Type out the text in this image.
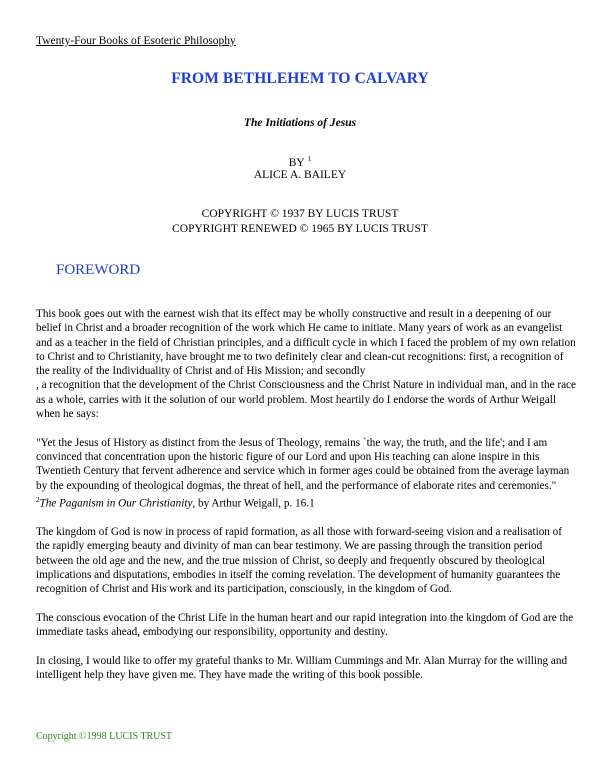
Twenty-Four Books of Esoteric Philosophy
FROM BETHLEHEM TO CALVARY
The Initiations of Jesus
BY $^1$
ALICE A. BAILEY
COPYRIGHT © 1937 BY LUCIS TRUST
COPYRIGHT RENEWED © 1965 BY LUCIS TRUST
FOREWORD

This book goes out with the earnest wish that its effect may be wholly constructive and result in a deepening of our belief in Christ and a broader recognition of the work which He came to initiate. Many years of work as an evangelist and as a teacher in the field of Christian principles, and a difficult cycle in which I faced the problem of my own relation to Christ and to Christianity, have brought me to two definitely clear and clean-cut recognitions: first, a recognition of the reality of the Individuality of Christ and of His Mission; and secondly
, a recognition that the development of the Christ Consciousness and the Christ Nature in individual man, and in the race as a whole, carries with it the solution of our world problem. Most heartily do I endorse the words of Arthur Weigall when he says:

"Yet the Jesus of History as distinct from the Jesus of Theology, remains `the way, the truth, and the life'; and I am convinced that concentration upon the historic figure of our Lord and upon His teaching can alone inspire in this Twentieth Century that fervent adherence and service which in former ages could be obtained from the average layman by the expounding of theological dogmas, the threat of hell, and the performance of elaborate rites and ceremonies." $^2$The Paganism in Our Christianity, by Arthur Weigall, p. 16.1

The kingdom of God is now in process of rapid formation, as all those with forward-seeing vision and a realisation of the rapidly emerging beauty and divinity of man can bear testimony. We are passing through the transition period between the old age and the new, and the true mission of Christ, so deeply and frequently obscured by theological implications and disputations, embodies in itself the coming revelation. The development of humanity guarantees the recognition of Christ and His work and its participation, consciously, in the kingdom of God.

The conscious evocation of the Christ Life in the human heart and our rapid integration into the kingdom of God are the immediate tasks ahead, embodying our responsibility, opportunity and destiny.

In closing, I would like to offer my grateful thanks to Mr. William Cummings and Mr. Alan Murray for the willing and intelligent help they have given me. They have made the writing of this book possible.

Copyright ©1998 LUCIS TRUST
